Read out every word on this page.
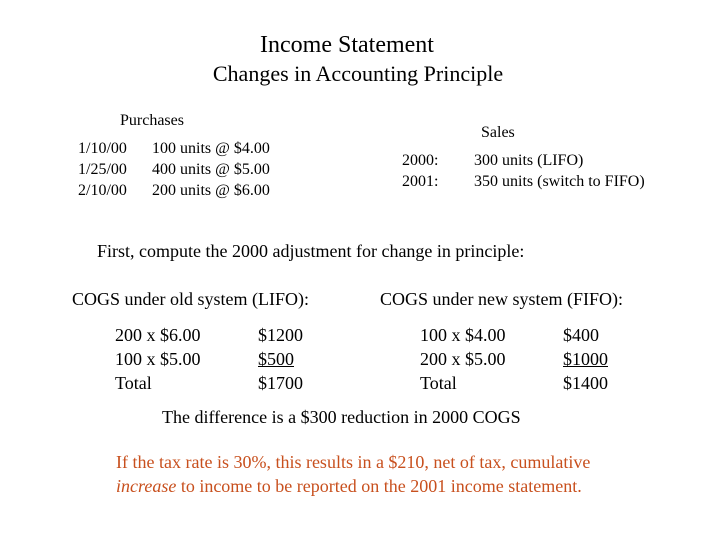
Income Statement
Changes in Accounting Principle
Purchases
1/10/00 100 units @ $4.00
1/25/00 400 units @ $5.00
2/10/00 200 units @ $6.00
Sales
2000: 300 units (LIFO)
2001: 350 units (switch to FIFO)
First, compute the 2000 adjustment for change in principle:
COGS under old system (LIFO):
200 x $6.00	$1200
100 x $5.00	$500
Total	$1700
COGS under new system (FIFO):
100 x $4.00	$400
200 x $5.00	$1000
Total	$1400
The difference is a $300 reduction in 2000 COGS
If the tax rate is 30%, this results in a $210, net of tax, cumulative
increase to income to be reported on the 2001 income statement.
